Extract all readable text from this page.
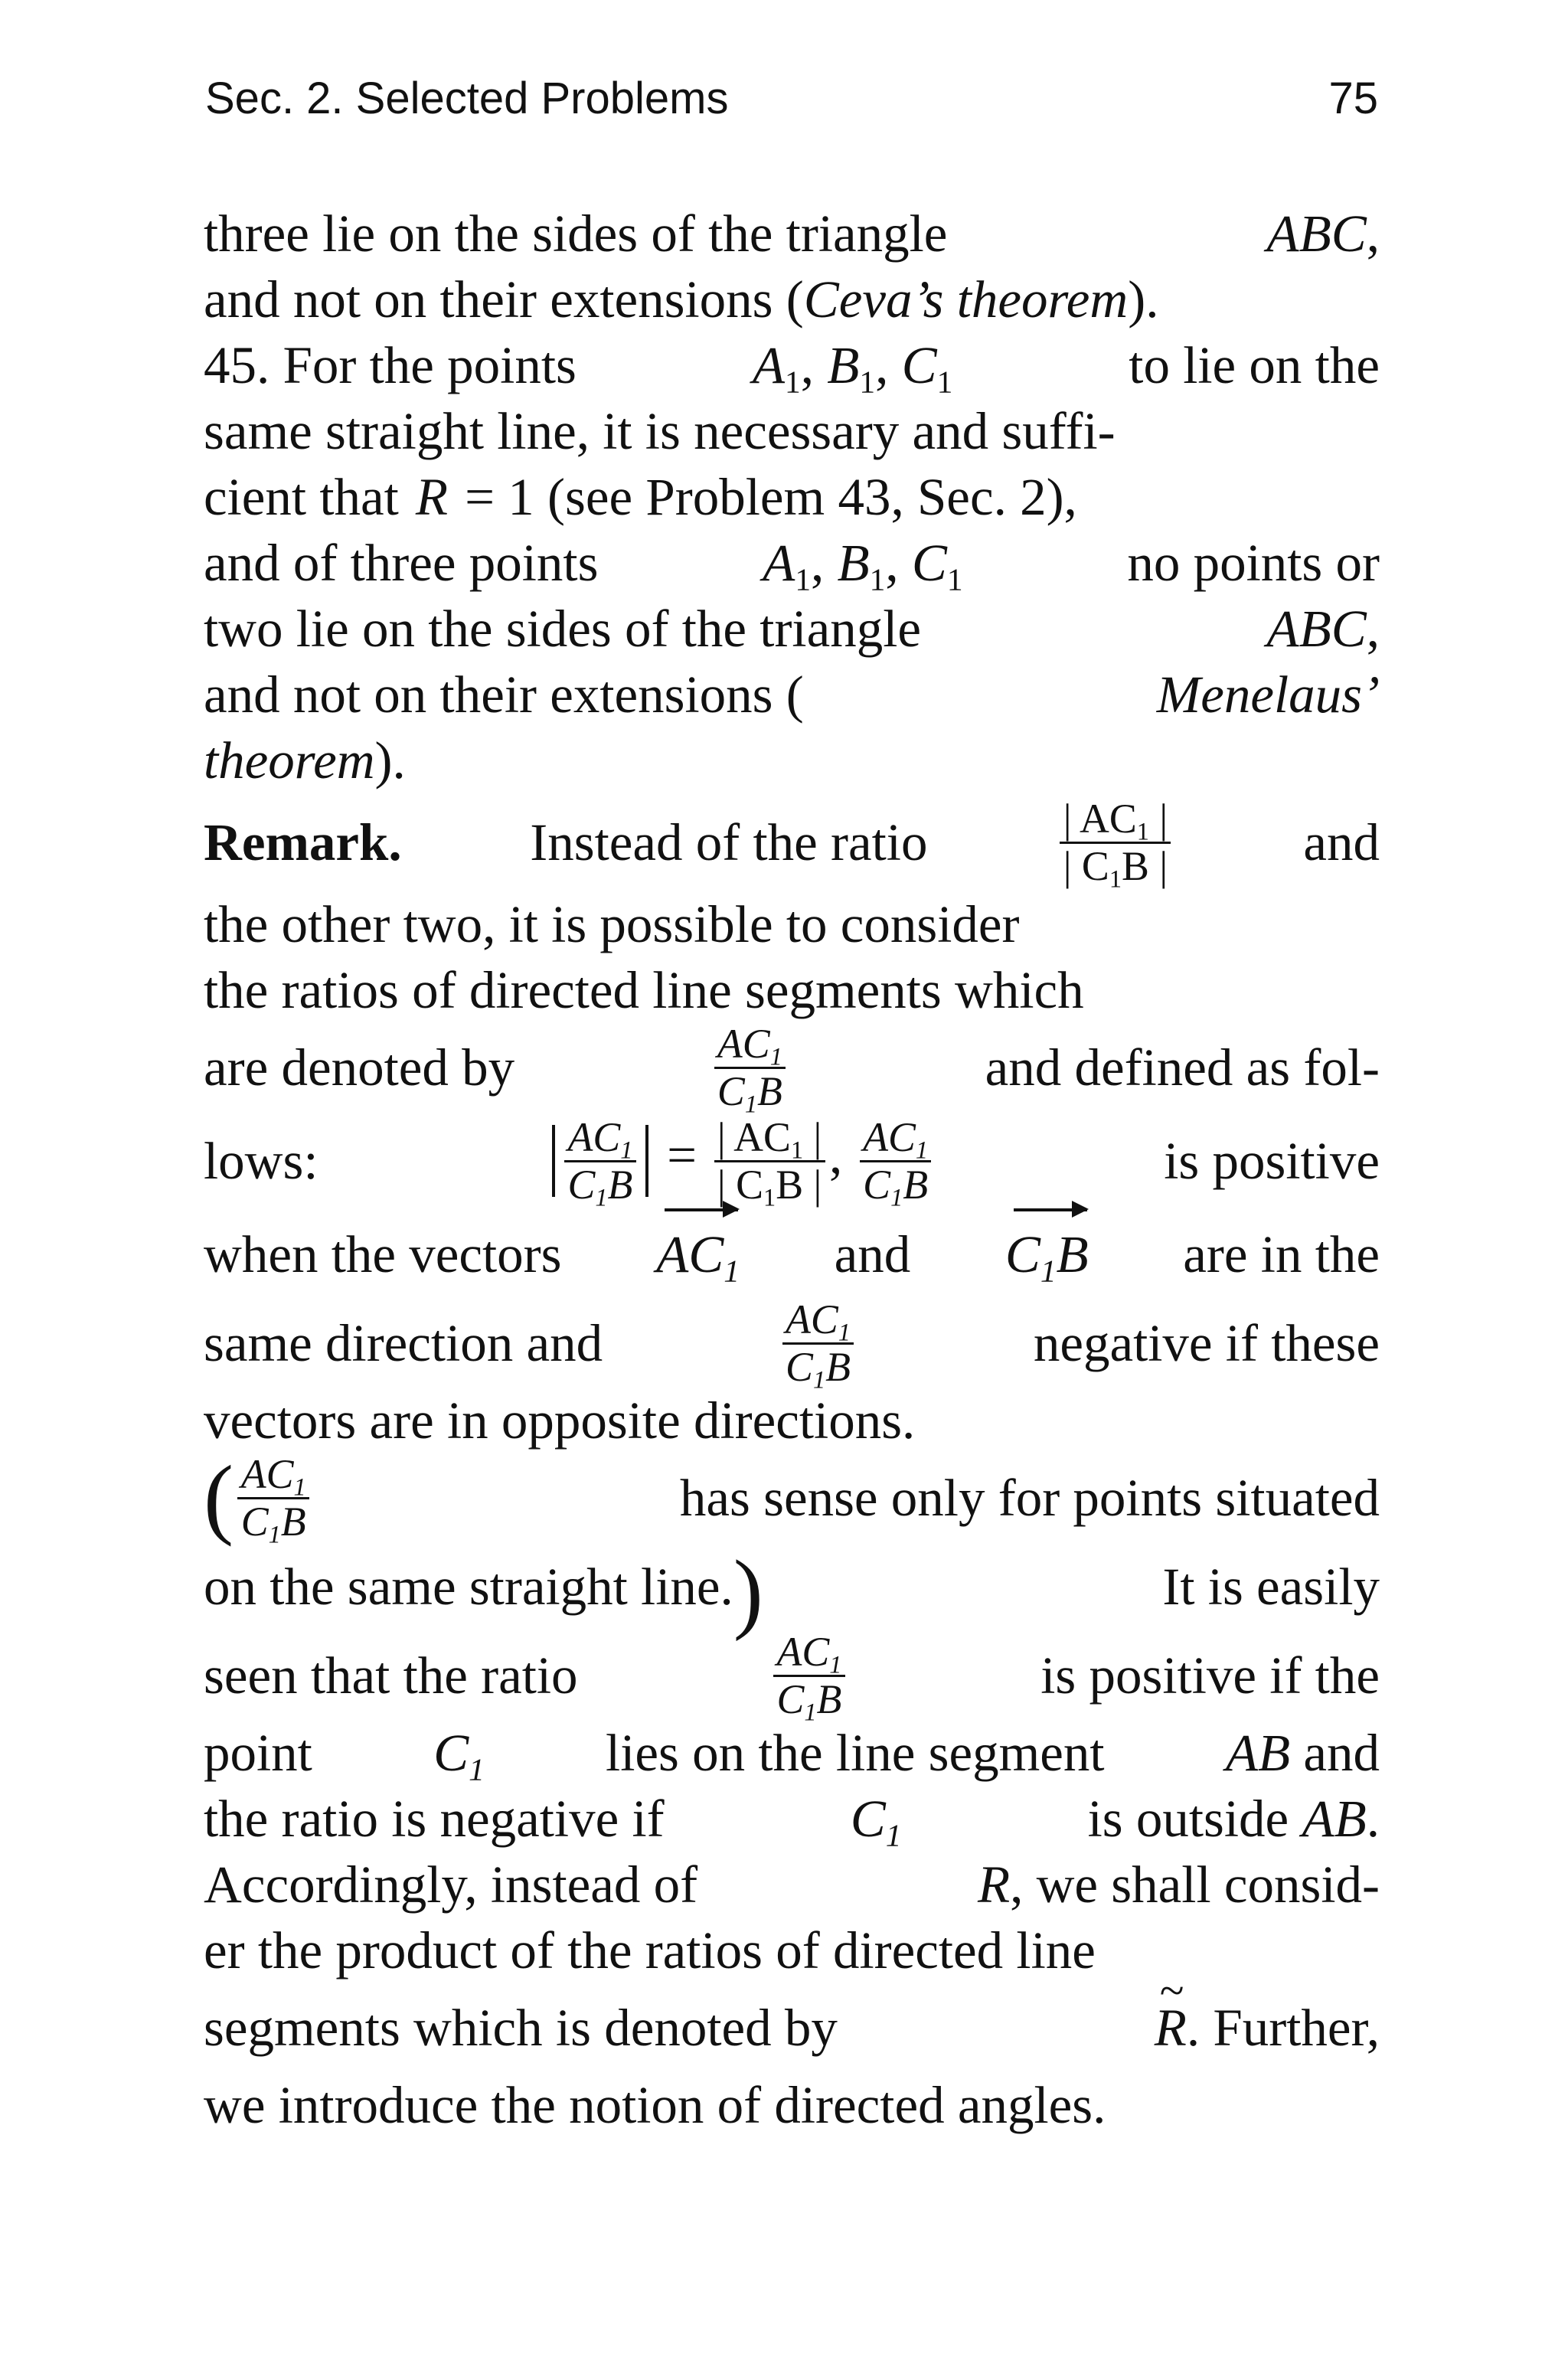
Sec. 2. Selected Problems	75
three lie on the sides of the triangle	ABC,
and not on their extensions (Ceva’s theorem).
45. For the points	$A_1$, $B_1$, $C_1$	to lie on the
same straight line, it is necessary and suffi-
cient that R = 1 (see Problem 43, Sec. 2),
and of three points	$A_1$, $B_1$, $C_1$	no points or
two lie on the sides of the triangle	ABC,
and not on their extensions (	Menelaus’
theorem).
Remark. Instead of the ratio	$\frac{| AC_1 |}{| C_1B |}$	and
the other two, it is possible to consider
the ratios of directed line segments which
are denoted by	$\frac{AC_1}{C_1B}$	and defined as fol-
lows:	$\frac{AC_1}{C_1B} = \frac{| AC_1 |}{| C_1B |}$ , $\frac{AC_1}{C_1B}$	is positive
when the vectors $AC_1$ and $C_1B$ are in the
same direction and	$\frac{AC_1}{C_1B}$	negative if these
vectors are in opposite directions.
( $\frac{AC_1}{C_1B}$	has sense only for points situated
on the same straight line.)	It is easily
seen that the ratio	$\frac{AC_1}{C_1B}$	is positive if the
point $C_1$ lies on the line segment AB and
the ratio is negative if	$C_1$	is outside AB.
Accordingly, instead of	R, we shall consid-
er the product of the ratios of directed line
segments which is denoted by	R ~. Further,
we introduce the notion of directed angles.
